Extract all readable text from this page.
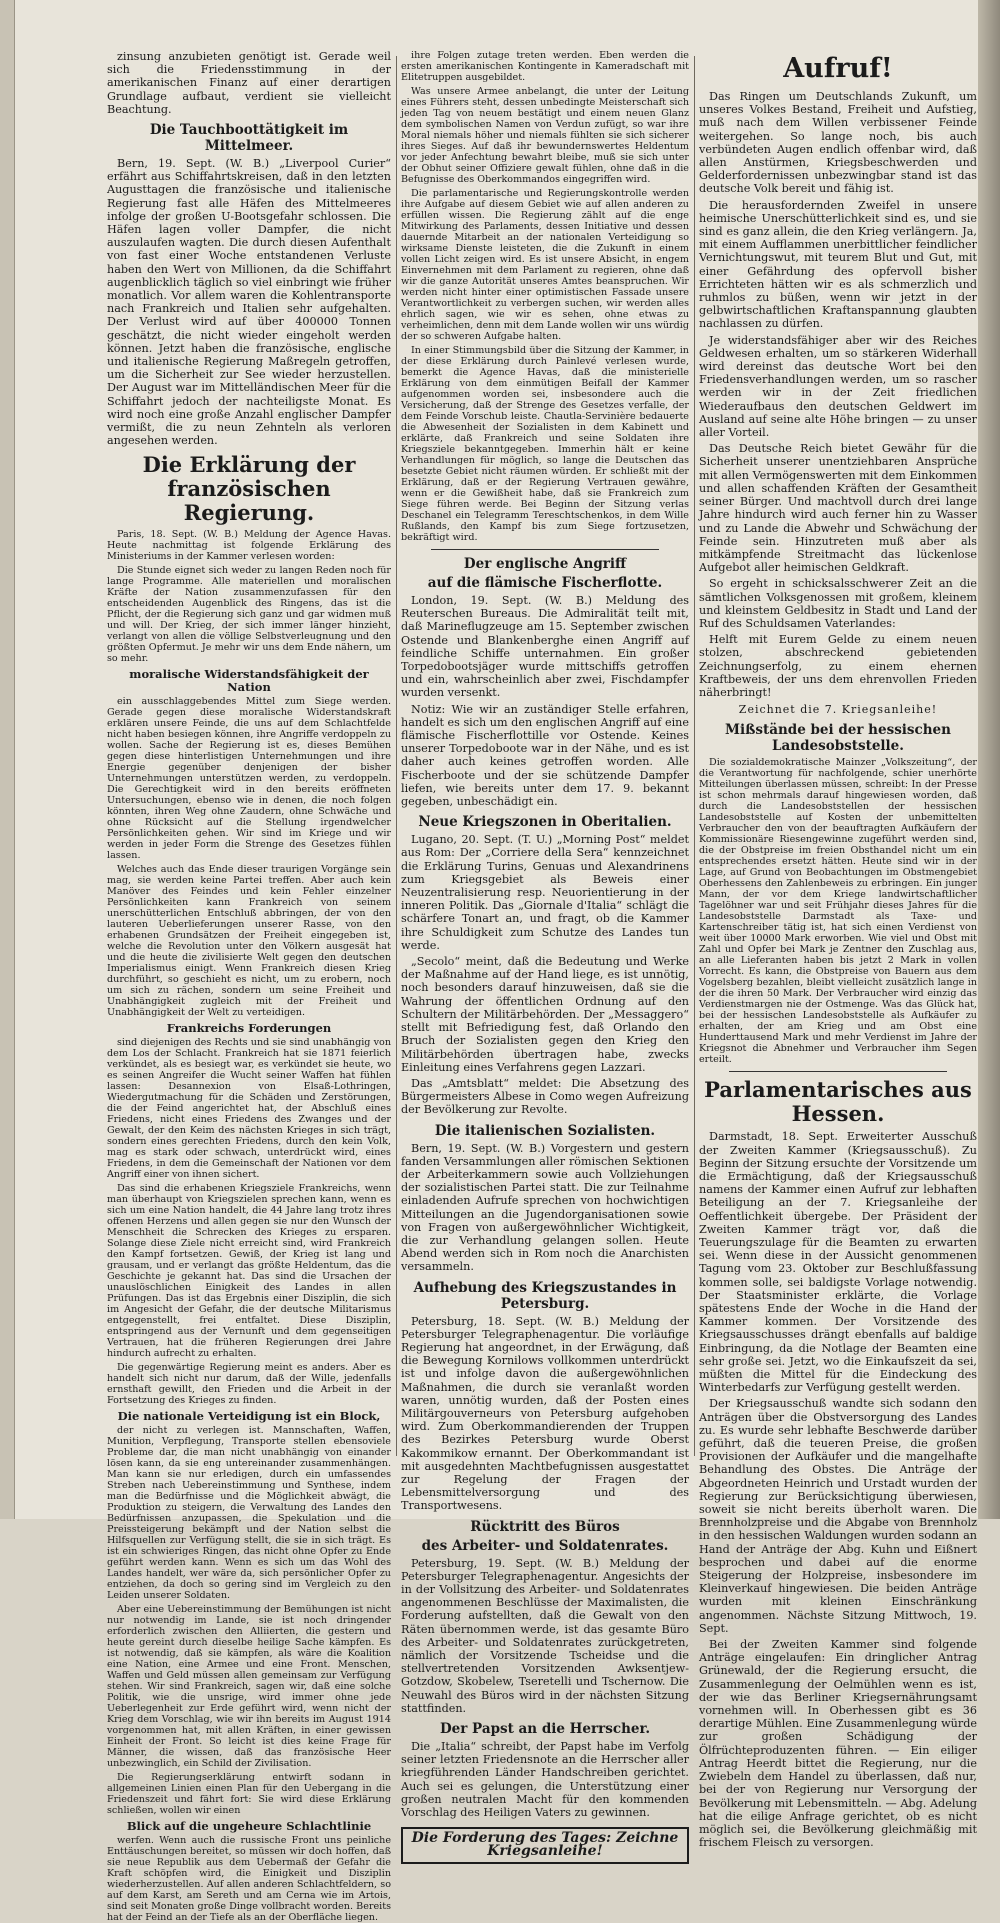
zinsung anzubieten genötigt ist. Gerade weil sich die Friedensstimmung in der amerikanischen Finanz auf einer derartigen Grundlage aufbaut, verdient sie vielleicht Beachtung.

Die Tauchboottätigkeit im Mittelmeer.

Bern, 19. Sept. (W. B.) „Liverpool Curier“ erfährt aus Schiffahrtskreisen, daß in den letzten Augusttagen die französische und italienische Regierung fast alle Häfen des Mittelmeeres infolge der großen U-Bootsgefahr schlossen. Die Häfen lagen voller Dampfer, die nicht auszulaufen wagten. Die durch diesen Aufenthalt von fast einer Woche entstandenen Verluste haben den Wert von Millionen, da die Schiffahrt augenblicklich täglich so viel einbringt wie früher monatlich. Vor allem waren die Kohlentransporte nach Frankreich und Italien sehr aufgehalten. Der Verlust wird auf über 400000 Tonnen geschätzt, die nicht wieder eingeholt werden können. Jetzt haben die französische, englische und italienische Regierung Maßregeln getroffen, um die Sicherheit zur See wieder herzustellen. Der August war im Mittelländischen Meer für die Schiffahrt jedoch der nachteiligste Monat. Es wird noch eine große Anzahl englischer Dampfer vermißt, die zu neun Zehnteln als verloren angesehen werden.

Die Erklärung der französischen Regierung.

Paris, 18. Sept. (W. B.) Meldung der Agence Havas. Heute nachmittag ist folgende Erklärung des Ministeriums in der Kammer verlesen worden:

Die Stunde eignet sich weder zu langen Reden noch für lange Programme. Alle materiellen und moralischen Kräfte der Nation zusammenzufassen für den entscheidenden Augenblick des Ringens, das ist die Pflicht, der die Regierung sich ganz und gar widmen muß und will. Der Krieg, der sich immer länger hinzieht, verlangt von allen die völlige Selbstverleugnung und den größten Opfermut. Je mehr wir uns dem Ende nähern, um so mehr.

moralische Widerstandsfähigkeit der Nation

ein ausschlaggebendes Mittel zum Siege werden. Gerade gegen diese moralische Widerstandskraft erklären unsere Feinde, die uns auf dem Schlachtfelde nicht haben besiegen können, ihre Angriffe verdoppeln zu wollen. Sache der Regierung ist es, dieses Bemühen gegen diese hinterlistigen Unternehmungen und ihre Energie gegenüber denjenigen der bisher Unternehmungen unterstützen werden, zu verdoppeln. Die Gerechtigkeit wird in den bereits eröffneten Untersuchungen, ebenso wie in denen, die noch folgen könnten, ihren Weg ohne Zaudern, ohne Schwäche und ohne Rücksicht auf die Stellung irgendwelcher Persönlichkeiten gehen. Wir sind im Kriege und wir werden in jeder Form die Strenge des Gesetzes fühlen lassen.

Welches auch das Ende dieser traurigen Vorgänge sein mag, sie werden keine Partei treffen. Aber auch kein Manöver des Feindes und kein Fehler einzelner Persönlichkeiten kann Frankreich von seinem unerschütterlichen Entschluß abbringen, der von den lauteren Ueberlieferungen unserer Rasse, von den erhabenen Grundsätzen der Freiheit eingegeben ist, welche die Revolution unter den Völkern ausgesät hat und die heute die zivilisierte Welt gegen den deutschen Imperialismus einigt. Wenn Frankreich diesen Krieg durchführt, so geschieht es nicht, um zu erobern, noch um sich zu rächen, sondern um seine Freiheit und Unabhängigkeit zugleich mit der Freiheit und Unabhängigkeit der Welt zu verteidigen.

Frankreichs Forderungen

sind diejenigen des Rechts und sie sind unabhängig von dem Los der Schlacht. Frankreich hat sie 1871 feierlich verkündet, als es besiegt war, es verkündet sie heute, wo es seinen Angreifer die Wucht seiner Waffen hat fühlen lassen: Desannexion von Elsaß-Lothringen, Wiedergutmachung für die Schäden und Zerstörungen, die der Feind angerichtet hat, der Abschluß eines Friedens, nicht eines Friedens des Zwanges und der Gewalt, der den Keim des nächsten Krieges in sich trägt, sondern eines gerechten Friedens, durch den kein Volk, mag es stark oder schwach, unterdrückt wird, eines Friedens, in dem die Gemeinschaft der Nationen vor dem Angriff einer von ihnen sichert.

Das sind die erhabenen Kriegsziele Frankreichs, wenn man überhaupt von Kriegszielen sprechen kann, wenn es sich um eine Nation handelt, die 44 Jahre lang trotz ihres offenen Herzens und allen gegen sie nur den Wunsch der Menschheit die Schrecken des Krieges zu ersparen. Solange diese Ziele nicht erreicht sind, wird Frankreich den Kampf fortsetzen. Gewiß, der Krieg ist lang und grausam, und er verlangt das größte Heldentum, das die Geschichte je gekannt hat. Das sind die Ursachen der unauslöschlichen Einigkeit des Landes in allen Prüfungen. Das ist das Ergebnis einer Disziplin, die sich im Angesicht der Gefahr, die der deutsche Militarismus entgegenstellt, frei entfaltet. Diese Disziplin, entspringend aus der Vernunft und dem gegenseitigen Vertrauen, hat die früheren Regierungen drei Jahre hindurch aufrecht zu erhalten.

Die gegenwärtige Regierung meint es anders. Aber es handelt sich nicht nur darum, daß der Wille, jedenfalls ernsthaft gewillt, den Frieden und die Arbeit in der Fortsetzung des Krieges zu finden.

Die nationale Verteidigung ist ein Block,

der nicht zu verlegen ist. Mannschaften, Waffen, Munition, Verpflegung, Transporte stellen ebensoviele Probleme dar, die man nicht unabhängig von einander lösen kann, da sie eng untereinander zusammenhängen. Man kann sie nur erledigen, durch ein umfassendes Streben nach Uebereinstimmung und Synthese, indem man die Bedürfnisse und die Möglichkeit abwägt, die Produktion zu steigern, die Verwaltung des Landes den Bedürfnissen anzupassen, die Spekulation und die Preissteigerung bekämpft und der Nation selbst die Hilfsquellen zur Verfügung stellt, die sie in sich trägt. Es ist ein schwieriges Ringen, das nicht ohne Opfer zu Ende geführt werden kann. Wenn es sich um das Wohl des Landes handelt, wer wäre da, sich persönlicher Opfer zu entziehen, da doch so gering sind im Vergleich zu den Leiden unserer Soldaten.

Aber eine Uebereinstimmung der Bemühungen ist nicht nur notwendig im Lande, sie ist noch dringender erforderlich zwischen den Alliierten, die gestern und heute gereint durch dieselbe heilige Sache kämpfen. Es ist notwendig, daß sie kämpfen, als wäre die Koalition eine Nation, eine Armee und eine Front. Menschen, Waffen und Geld müssen allen gemeinsam zur Verfügung stehen. Wir sind Frankreich, sagen wir, daß eine solche Politik, wie die unsrige, wird immer ohne jede Ueberlegenheit zur Erde geführt wird, wenn nicht der Krieg dem Vorschlag, wie wir ihn bereits im August 1914 vorgenommen hat, mit allen Kräften, in einer gewissen Einheit der Front. So leicht ist dies keine Frage für Männer, die wissen, daß das französische Heer unbezwinglich, ein Schild der Zivilisation.

Die Regierungserklärung entwirft sodann in allgemeinen Linien einen Plan für den Uebergang in die Friedenszeit und fährt fort: Sie wird diese Erklärung schließen, wollen wir einen

Blick auf die ungeheure Schlachtlinie

werfen. Wenn auch die russische Front uns peinliche Enttäuschungen bereitet, so müssen wir doch hoffen, daß sie neue Republik aus dem Uebermaß der Gefahr die Kraft schöpfen wird, die Einigkeit und Disziplin wiederherzustellen. Auf allen anderen Schlachtfeldern, so auf dem Karst, am Sereth und am Cerna wie im Artois, sind seit Monaten große Dinge vollbracht worden. Bereits hat der Feind an der Tiefe als an der Oberfläche liegen.

ihre Folgen zutage treten werden. Eben werden die ersten amerikanischen Kontingente in Kameradschaft mit Elitetruppen ausgebildet.

Was unsere Armee anbelangt, die unter der Leitung eines Führers steht, dessen unbedingte Meisterschaft sich jeden Tag von neuem bestätigt und einem neuen Glanz dem symbolischen Namen von Verdun zufügt, so war ihre Moral niemals höher und niemals fühlten sie sich sicherer ihres Sieges. Auf daß ihr bewundernswertes Heldentum vor jeder Anfechtung bewahrt bleibe, muß sie sich unter der Obhut seiner Offiziere gewalt fühlen, ohne daß in die Befugnisse des Oberkommandos eingegriffen wird.

Die parlamentarische und Regierungskontrolle werden ihre Aufgabe auf diesem Gebiet wie auf allen anderen zu erfüllen wissen. Die Regierung zählt auf die enge Mitwirkung des Parlaments, dessen Initiative und dessen dauernde Mitarbeit an der nationalen Verteidigung so wirksame Dienste leisteten, die die Zukunft in einem vollen Licht zeigen wird. Es ist unsere Absicht, in engem Einvernehmen mit dem Parlament zu regieren, ohne daß wir die ganze Autorität unseres Amtes beanspruchen. Wir werden nicht hinter einer optimistischen Fassade unsere Verantwortlichkeit zu verbergen suchen, wir werden alles ehrlich sagen, wie wir es sehen, ohne etwas zu verheimlichen, denn mit dem Lande wollen wir uns würdig der so schweren Aufgabe halten.

In einer Stimmungsbild über die Sitzung der Kammer, in der diese Erklärung durch Painlevé verlesen wurde, bemerkt die Agence Havas, daß die ministerielle Erklärung von dem einmütigen Beifall der Kammer aufgenommen worden sei, insbesondere auch die Versicherung, daß der Strenge des Gesetzes verfalle, der dem Feinde Vorschub leiste. Chautla-Servinière bedauerte die Abwesenheit der Sozialisten in dem Kabinett und erklärte, daß Frankreich und seine Soldaten ihre Kriegsziele bekanntgegeben. Immerhin hält er keine Verhandlungen für möglich, so lange die Deutschen das besetzte Gebiet nicht räumen würden. Er schließt mit der Erklärung, daß er der Regierung Vertrauen gewähre, wenn er die Gewißheit habe, daß sie Frankreich zum Siege führen werde. Bei Beginn der Sitzung verlas Deschanel ein Telegramm Tereschtschenkos, in dem Wille Rußlands, den Kampf bis zum Siege fortzusetzen, bekräftigt wird.

Der englische Angriff
auf die flämische Fischerflotte.

London, 19. Sept. (W. B.) Meldung des Reuterschen Bureaus. Die Admiralität teilt mit, daß Marineflugzeuge am 15. September zwischen Ostende und Blankenberghe einen Angriff auf feindliche Schiffe unternahmen. Ein großer Torpedobootsjäger wurde mittschiffs getroffen und ein, wahrscheinlich aber zwei, Fischdampfer wurden versenkt.

Notiz: Wie wir an zuständiger Stelle erfahren, handelt es sich um den englischen Angriff auf eine flämische Fischerflottille vor Ostende. Keines unserer Torpedoboote war in der Nähe, und es ist daher auch keines getroffen worden. Alle Fischerboote und der sie schützende Dampfer liefen, wie bereits unter dem 17. 9. bekannt gegeben, unbeschädigt ein.

Neue Kriegszonen in Oberitalien.

Lugano, 20. Sept. (T. U.) „Morning Post“ meldet aus Rom: Der „Corriere della Sera“ kennzeichnet die Erklärung Turins, Genuas und Alexandrinens zum Kriegsgebiet als Beweis einer Neuzentralisierung resp. Neuorientierung in der inneren Politik. Das „Giornale d'Italia“ schlägt die schärfere Tonart an, und fragt, ob die Kammer ihre Schuldigkeit zum Schutze des Landes tun werde.

„Secolo“ meint, daß die Bedeutung und Werke der Maßnahme auf der Hand liege, es ist unnötig, noch besonders darauf hinzuweisen, daß sie die Wahrung der öffentlichen Ordnung auf den Schultern der Militärbehörden. Der „Messaggero“ stellt mit Befriedigung fest, daß Orlando den Bruch der Sozialisten gegen den Krieg den Militärbehörden übertragen habe, zwecks Einleitung eines Verfahrens gegen Lazzari.

Das „Amtsblatt“ meldet: Die Absetzung des Bürgermeisters Albese in Como wegen Aufreizung der Bevölkerung zur Revolte.

Die italienischen Sozialisten.

Bern, 19. Sept. (W. B.) Vorgestern und gestern fanden Versammlungen aller römischen Sektionen der Arbeiterkammern sowie auch Vollziehungen der sozialistischen Partei statt. Die zur Teilnahme einladenden Aufrufe sprechen von hochwichtigen Mitteilungen an die Jugendorganisationen sowie von Fragen von außergewöhnlicher Wichtigkeit, die zur Verhandlung gelangen sollen. Heute Abend werden sich in Rom noch die Anarchisten versammeln.

Aufhebung des Kriegszustandes in Petersburg.

Petersburg, 18. Sept. (W. B.) Meldung der Petersburger Telegraphenagentur. Die vorläufige Regierung hat angeordnet, in der Erwägung, daß die Bewegung Kornilows vollkommen unterdrückt ist und infolge davon die außergewöhnlichen Maßnahmen, die durch sie veranlaßt worden waren, unnötig wurden, daß der Posten eines Militärgouverneurs von Petersburg aufgehoben wird. Zum Oberkommandierenden der Truppen des Bezirkes Petersburg wurde Oberst Kakommikow ernannt. Der Oberkommandant ist mit ausgedehnten Machtbefugnissen ausgestattet zur Regelung der Fragen der Lebensmittelversorgung und des Transportwesens.

Rücktritt des Büros
des Arbeiter- und Soldatenrates.

Petersburg, 19. Sept. (W. B.) Meldung der Petersburger Telegraphenagentur. Angesichts der in der Vollsitzung des Arbeiter- und Soldatenrates angenommenen Beschlüsse der Maximalisten, die Forderung aufstellten, daß die Gewalt von den Räten übernommen werde, ist das gesamte Büro des Arbeiter- und Soldatenrates zurückgetreten, nämlich der Vorsitzende Tscheidse und die stellvertretenden Vorsitzenden Awksentjew-Gotzdow, Skobelew, Tseretelli und Tschernow. Die Neuwahl des Büros wird in der nächsten Sitzung stattfinden.

Der Papst an die Herrscher.

Die „Italia“ schreibt, der Papst habe im Verfolg seiner letzten Friedensnote an die Herrscher aller kriegführenden Länder Handschreiben gerichtet. Auch sei es gelungen, die Unterstützung einer großen neutralen Macht für den kommenden Vorschlag des Heiligen Vaters zu gewinnen.

Die Forderung des Tages: Zeichne Kriegsanleihe!
Aufruf!

Das Ringen um Deutschlands Zukunft, um unseres Volkes Bestand, Freiheit und Aufstieg, muß nach dem Willen verbissener Feinde weitergehen. So lange noch, bis auch verbündeten Augen endlich offenbar wird, daß allen Anstürmen, Kriegsbeschwerden und Gelderfordernissen unbezwingbar stand ist das deutsche Volk bereit und fähig ist.

Die herausfordernden Zweifel in unsere heimische Unerschütterlichkeit sind es, und sie sind es ganz allein, die den Krieg verlängern. Ja, mit einem Aufflammen unerbittlicher feindlicher Vernichtungswut, mit teurem Blut und Gut, mit einer Gefährdung des opfervoll bisher Errichteten hätten wir es als schmerzlich und ruhmlos zu büßen, wenn wir jetzt in der gelbwirtschaftlichen Kraftanspannung glaubten nachlassen zu dürfen.

Je widerstandsfähiger aber wir des Reiches Geldwesen erhalten, um so stärkeren Widerhall wird dereinst das deutsche Wort bei den Friedensverhandlungen werden, um so rascher werden wir in der Zeit friedlichen Wiederaufbaus den deutschen Geldwert im Ausland auf seine alte Höhe bringen — zu unser aller Vorteil.

Das Deutsche Reich bietet Gewähr für die Sicherheit unserer unentziehbaren Ansprüche mit allen Vermögenswerten mit dem Einkommen und allen schaffenden Kräften der Gesamtheit seiner Bürger. Und machtvoll durch drei lange Jahre hindurch wird auch ferner hin zu Wasser und zu Lande die Abwehr und Schwächung der Feinde sein. Hinzutreten muß aber als mitkämpfende Streitmacht das lückenlose Aufgebot aller heimischen Geldkraft.

So ergeht in schicksalsschwerer Zeit an die sämtlichen Volksgenossen mit großem, kleinem und kleinstem Geldbesitz in Stadt und Land der Ruf des Schuldsamen Vaterlandes:

Helft mit Eurem Gelde zu einem neuen stolzen, abschreckend gebietenden Zeichnungserfolg, zu einem ehernen Kraftbeweis, der uns dem ehrenvollen Frieden näherbringt!

Zeichnet die 7. Kriegsanleihe!
Mißstände bei der hessischen Landesobststelle.

Die sozialdemokratische Mainzer „Volkszeitung“, der die Verantwortung für nachfolgende, schier unerhörte Mitteilungen überlassen müssen, schreibt: In der Presse ist schon mehrmals darauf hingewiesen worden, daß durch die Landesobststellen der hessischen Landesobststelle auf Kosten der unbemittelten Verbraucher den von der beauftragten Aufkäufern der Kommissionäre Riesengewinne zugeführt werden sind, die der Obstpreise im freien Obsthandel nicht um ein entsprechendes ersetzt hätten. Heute sind wir in der Lage, auf Grund von Beobachtungen im Obstmengebiet Oberhessens den Zahlenbeweis zu erbringen. Ein junger Mann, der vor dem Kriege landwirtschaftlicher Tagelöhner war und seit Frühjahr dieses Jahres für die Landesobststelle Darmstadt als Taxe- und Kartenschreiber tätig ist, hat sich einen Verdienst von weit über 10000 Mark erworben. Wie viel und Obst mit Zahl und Opfer bei Mark je Zentner den Zuschlag aus, an alle Lieferanten haben bis jetzt 2 Mark in vollen Vorrecht. Es kann, die Obstpreise von Bauern aus dem Vogelsberg bezahlen, bleibt vielleicht zusätzlich lange in der die ihren 50 Mark. Der Verbraucher wird einzig das Verdienstmargen nie der Ostmenge. Was das Glück hat, bei der hessischen Landesobststelle als Aufkäufer zu erhalten, der am Krieg und am Obst eine Hunderttausend Mark und mehr Verdienst im Jahre der Kriegsnot die Abnehmer und Verbraucher ihm Segen erteilt.

Parlamentarisches aus Hessen.

Darmstadt, 18. Sept. Erweiterter Ausschuß der Zweiten Kammer (Kriegsausschuß). Zu Beginn der Sitzung ersuchte der Vorsitzende um die Ermächtigung, daß der Kriegsausschuß namens der Kammer einen Aufruf zur lebhaften Beteiligung an der 7. Kriegsanleihe der Oeffentlichkeit übergebe. Der Präsident der Zweiten Kammer trägt vor, daß die Teuerungszulage für die Beamten zu erwarten sei. Wenn diese in der Aussicht genommenen Tagung vom 23. Oktober zur Beschlußfassung kommen solle, sei baldigste Vorlage notwendig. Der Staatsminister erklärte, die Vorlage spätestens Ende der Woche in die Hand der Kammer kommen. Der Vorsitzende des Kriegsausschusses drängt ebenfalls auf baldige Einbringung, da die Notlage der Beamten eine sehr große sei. Jetzt, wo die Einkaufszeit da sei, müßten die Mittel für die Eindeckung des Winterbedarfs zur Verfügung gestellt werden.

Der Kriegsausschuß wandte sich sodann den Anträgen über die Obstversorgung des Landes zu. Es wurde sehr lebhafte Beschwerde darüber geführt, daß die teueren Preise, die großen Provisionen der Aufkäufer und die mangelhafte Behandlung des Obstes. Die Anträge der Abgeordneten Heinrich und Urstadt wurden der Regierung zur Berücksichtigung überwiesen, soweit sie nicht bereits überholt waren. Die Brennholzpreise und die Abgabe von Brennholz in den hessischen Waldungen wurden sodann an Hand der Anträge der Abg. Kuhn und Eißnert besprochen und dabei auf die enorme Steigerung der Holzpreise, insbesondere im Kleinverkauf hingewiesen. Die beiden Anträge wurden mit kleinen Einschränkung angenommen. Nächste Sitzung Mittwoch, 19. Sept.

Bei der Zweiten Kammer sind folgende Anträge eingelaufen: Ein dringlicher Antrag Grünewald, der die Regierung ersucht, die Zusammenlegung der Oelmühlen wenn es ist, der wie das Berliner Kriegsernährungsamt vornehmen will. In Oberhessen gibt es 36 derartige Mühlen. Eine Zusammenlegung würde zur großen Schädigung der Ölfrüchteproduzenten führen. — Ein eiliger Antrag Heerdt bittet die Regierung, nur die Zwiebeln dem Handel zu überlassen, daß nur, bei der von Regierung nur Versorgung der Bevölkerung mit Lebensmitteln. — Abg. Adelung hat die eilige Anfrage gerichtet, ob es nicht möglich sei, die Bevölkerung gleichmäßig mit frischem Fleisch zu versorgen.
